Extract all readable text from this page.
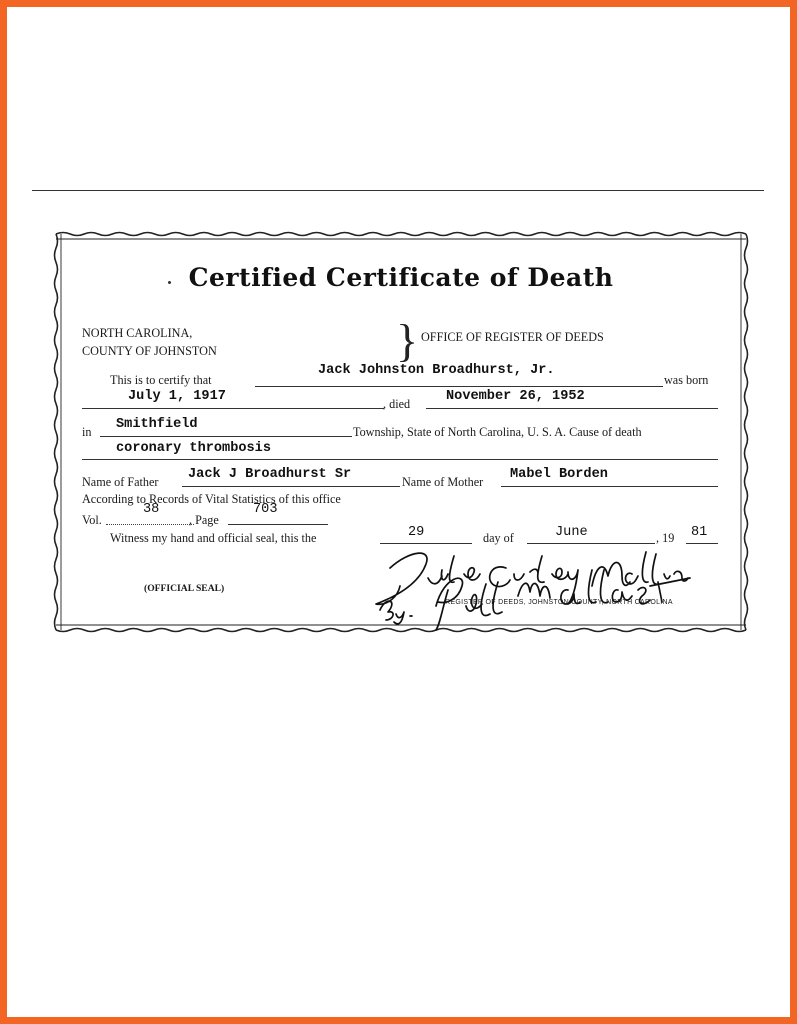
Certified Certificate of Death
NORTH CAROLINA,
COUNTY OF JOHNSTON	} OFFICE OF REGISTER OF DEEDS
This is to certify that
Jack Johnston Broadhurst, Jr.
was born
July 1, 1917	, died	November 26, 1952
in Smithfield	Township, State of North Carolina, U. S. A. Cause of death
coronary thrombosis
Name of Father Jack J Broadhurst Sr	Name of Mother Mabel Borden
According to Records of Vital Statistics of this office
Vol.
38
, Page
703
Witness my hand and official seal, this the	29	day of	June	, 19 81
(OFFICIAL SEAL)
REGISTER OF DEEDS, JOHNSTON COUNTY, NORTH CAROLINA
